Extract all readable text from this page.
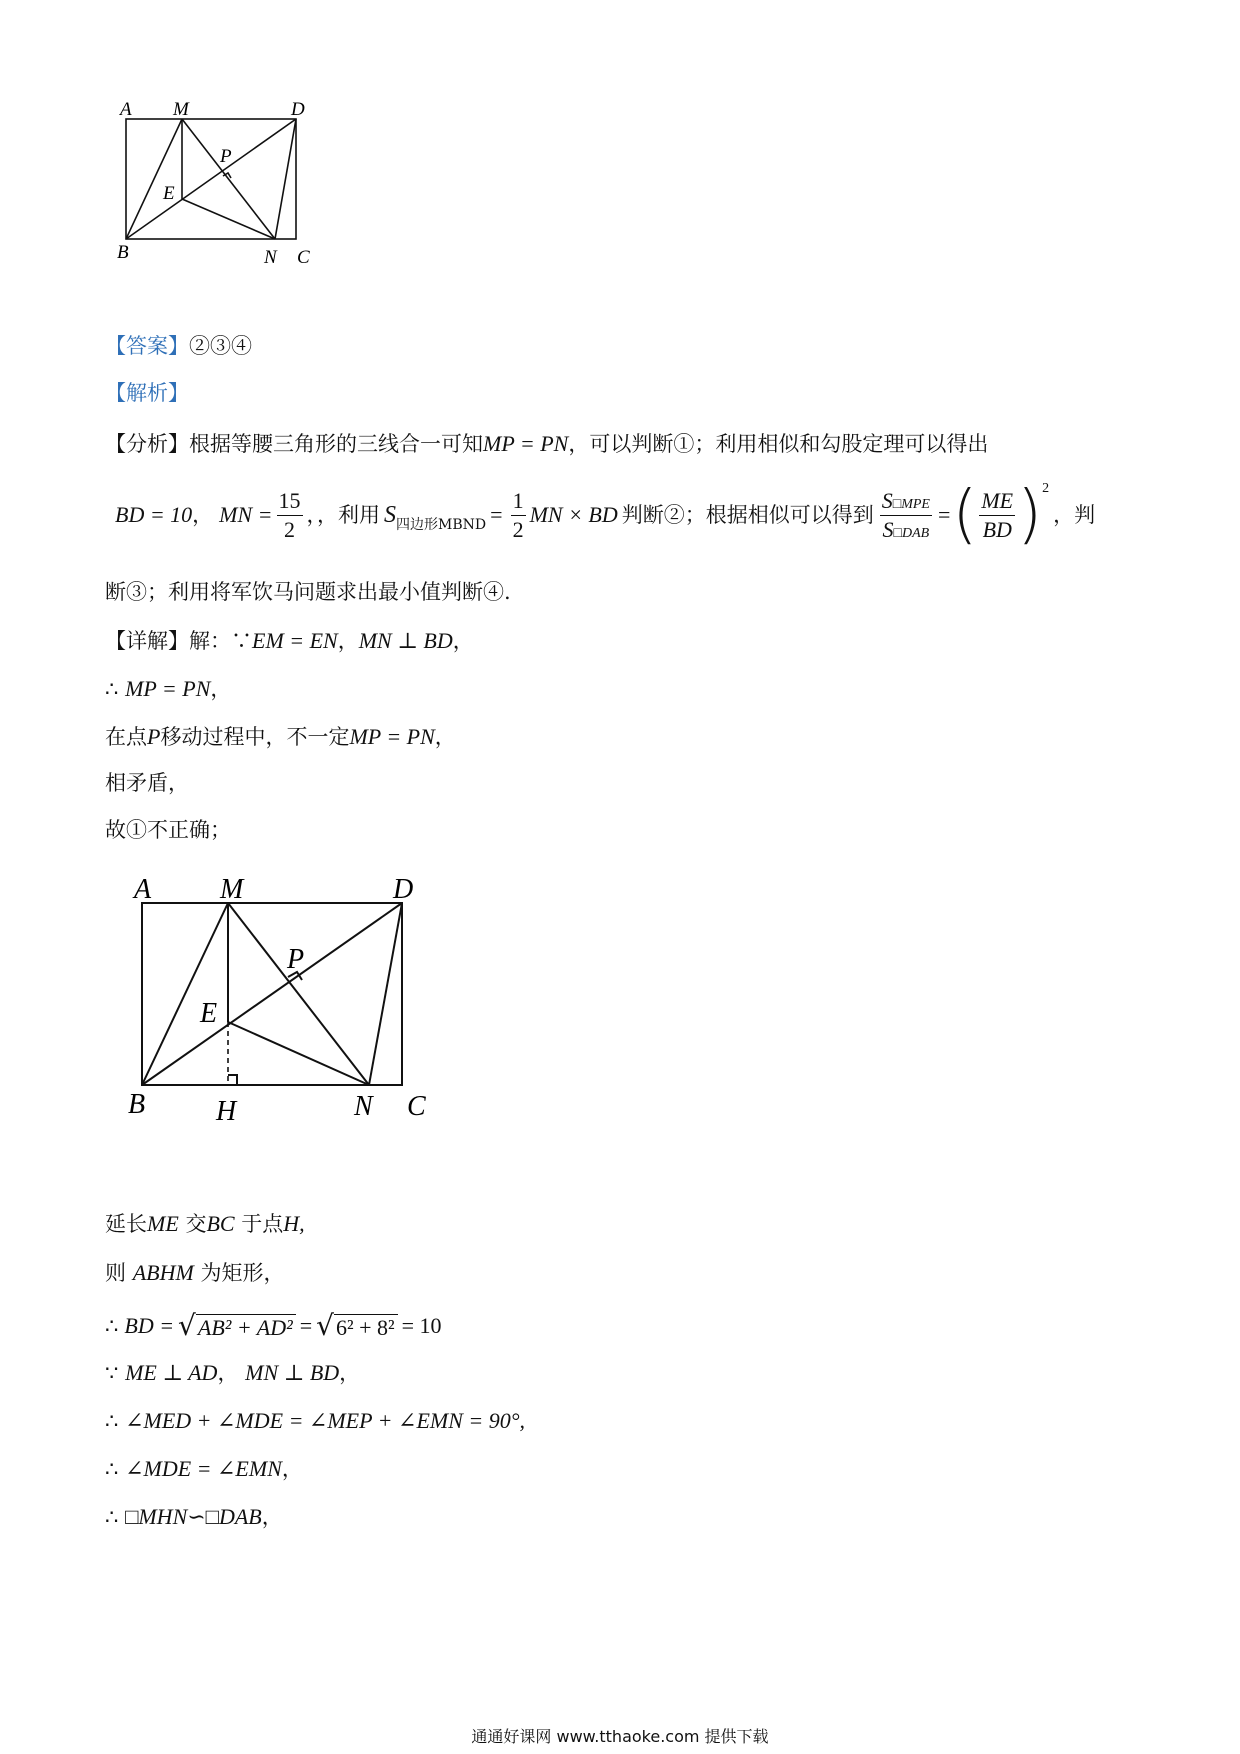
A M	D
P
E
B	N C
【答案】②③④
【解析】
【分析】根据等腰三角形的三线合一可知MP = PN，可以判断①；利用相似和勾股定理可以得出
BD = 10 ， MN = $\frac{15}{2}$ ，，利用 S 四边形MBND = $\frac{1}{2}$ MN × BD 判断②；根据相似可以得到 $\frac{\text{S□MPE}}{\text{S□DAB}}$ = ( $\frac{ME}{BD}$ ) 2
，判
断③；利用将军饮马问题求出最小值判断④.
【详解】解：∵EM = EN，MN ⊥ BD，
∴ MP = PN，
在点P移动过程中，不一定MP = PN，
相矛盾，
故①不正确；
A M	D
P
E
B	H	N C
延长ME 交BC 于点H,
则 ABHM 为矩形，
∴ BD = √ AB² + AD² = √ 6² + 8² = 10
∵ ME ⊥ AD， MN ⊥ BD，
∴ ∠MED + ∠MDE = ∠MEP + ∠EMN = 90°,
∴ ∠MDE = ∠EMN，
∴ □MHN∽□DAB，
通通好课网 www.tthaoke.com 提供下载
